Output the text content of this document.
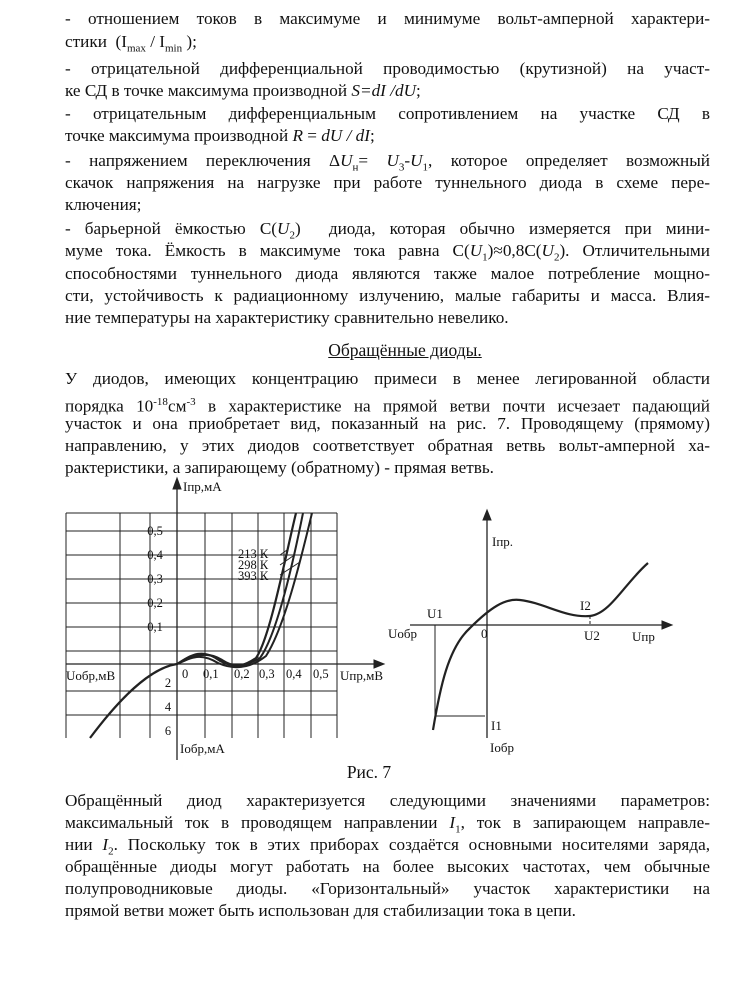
- отношением токов в максимуме и минимуме вольт-амперной характери-
стики  ($I_{max} / I_{min}$ );
- отрицательной дифференциальной проводимостью (крутизной) на участ-
ке СД в точке максимума производной S=dI /dU;
- отрицательным дифференциальным сопротивлением на участке СД в
точке максимума производной R = dU / dI;
- напряжением переключения $\Delta U_н= U_3-U_1$, которое определяет возможный
скачок напряжения на нагрузке при работе туннельного диода в схеме пере-
ключения;
- барьерной ёмкостью $C(U_2)$  диода, которая обычно измеряется при мини-
муме тока. Ёмкость в максимуме тока равна $C(U_1)\approx 0,8C(U_2)$. Отличительными
способностями туннельного диода являются также малое потребление мощно-
сти, устойчивость к радиационному излучению, малые габариты и масса. Влия-
ние температуры на характеристику сравнительно невелико.
Обращённые диоды.
У диодов, имеющих концентрацию примеси в менее легированной области
порядка $10^{-18}см^{-3}$ в характеристике на прямой ветви почти исчезает падающий
участок и она приобретает вид, показанный на рис. 7. Проводящему (прямому)
направлению, у этих диодов соответствует обратная ветвь вольт-амперной ха-
рактеристики, а запирающему (обратному) - прямая ветвь.
Iпр,мА
Iобр,мА
Uобр,мВ	Uпр,мВ
0,5
0,4
0,3
0,2
0,1
2
4
6
0 0,1 0,2 0,3 0,4 0,5
213 К
298 К
393 К
Iпр.
Iобр
Uобр	Uпр
0
U1
U2
I1
I2
Рис. 7
Обращённый диод характеризуется следующими значениями параметров:
максимальный ток в проводящем направлении $I_1$, ток в запирающем направле-
нии $I_2$. Поскольку ток в этих приборах создаётся основными носителями заряда,
обращённые диоды могут работать на более высоких частотах, чем обычные
полупроводниковые диоды. «Горизонтальный» участок характеристики на
прямой ветви может быть использован для стабилизации тока в цепи.
